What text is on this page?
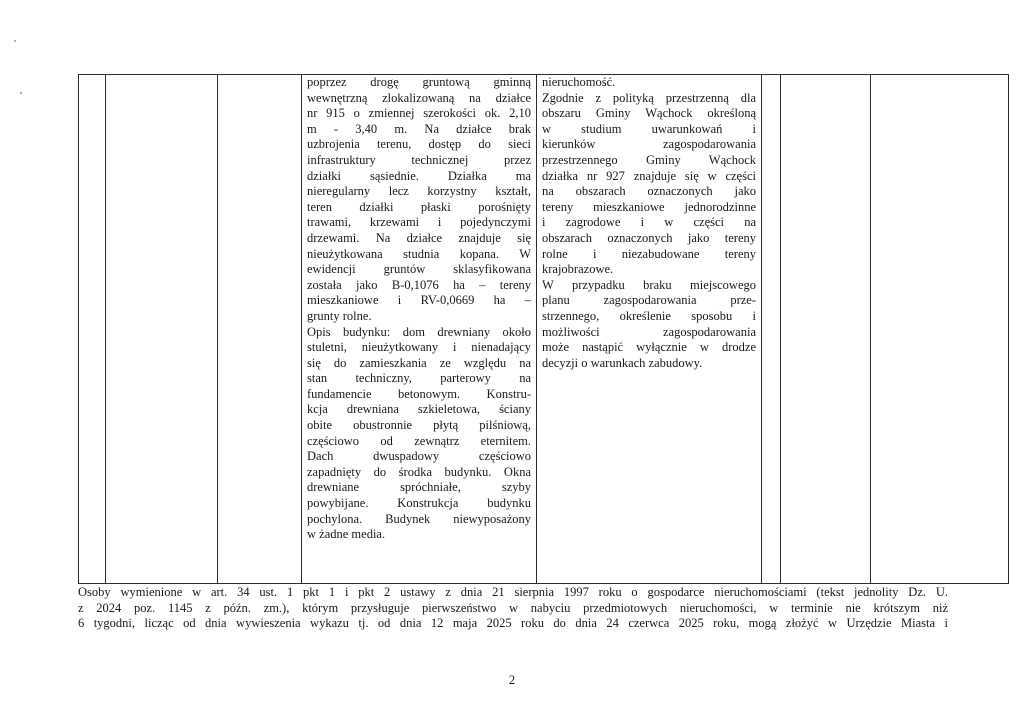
poprzez drogę gruntową gminną
wewnętrzną zlokalizowaną na działce
nr 915 o zmiennej szerokości ok. 2,10
m - 3,40 m. Na działce brak
uzbrojenia terenu, dostęp do sieci
infrastruktury technicznej przez
działki sąsiednie. Działka ma
nieregularny lecz korzystny kształt,
teren działki płaski porośnięty
trawami, krzewami i pojedynczymi
drzewami. Na działce znajduje się
nieużytkowana studnia kopana. W
ewidencji gruntów sklasyfikowana
została jako B-0,1076 ha – tereny
mieszkaniowe i RV-0,0669 ha –
grunty rolne.
Opis budynku: dom drewniany około
stuletni, nieużytkowany i nienadający
się do zamieszkania ze względu na
stan techniczny, parterowy na
fundamencie betonowym. Konstru-
kcja drewniana szkieletowa, ściany
obite obustronnie płytą pilśniową,
częściowo od zewnątrz eternitem.
Dach dwuspadowy częściowo
zapadnięty do środka budynku. Okna
drewniane spróchniałe, szyby
powybijane. Konstrukcja budynku
pochylona. Budynek niewyposażony
w żadne media.
nieruchomość.
Zgodnie z polityką przestrzenną dla
obszaru Gminy Wąchock określoną
w studium uwarunkowań i
kierunków zagospodarowania
przestrzennego Gminy Wąchock
działka nr 927 znajduje się w części
na obszarach oznaczonych jako
tereny mieszkaniowe jednorodzinne
i zagrodowe i w części na
obszarach oznaczonych jako tereny
rolne i niezabudowane tereny
krajobrazowe.
W przypadku braku miejscowego
planu zagospodarowania prze-
strzennego, określenie sposobu i
możliwości zagospodarowania
może nastąpić wyłącznie w drodze
decyzji o warunkach zabudowy.
Osoby wymienione w art. 34 ust. 1 pkt 1 i pkt 2 ustawy z dnia 21 sierpnia 1997 roku o gospodarce nieruchomościami (tekst jednolity Dz. U.
z 2024 poz. 1145 z późn. zm.), którym przysługuje pierwszeństwo w nabyciu przedmiotowych nieruchomości, w terminie nie krótszym niż
6 tygodni, licząc od dnia wywieszenia wykazu tj. od dnia 12 maja 2025 roku do dnia 24 czerwca 2025 roku, mogą złożyć w Urzędzie Miasta i
2
